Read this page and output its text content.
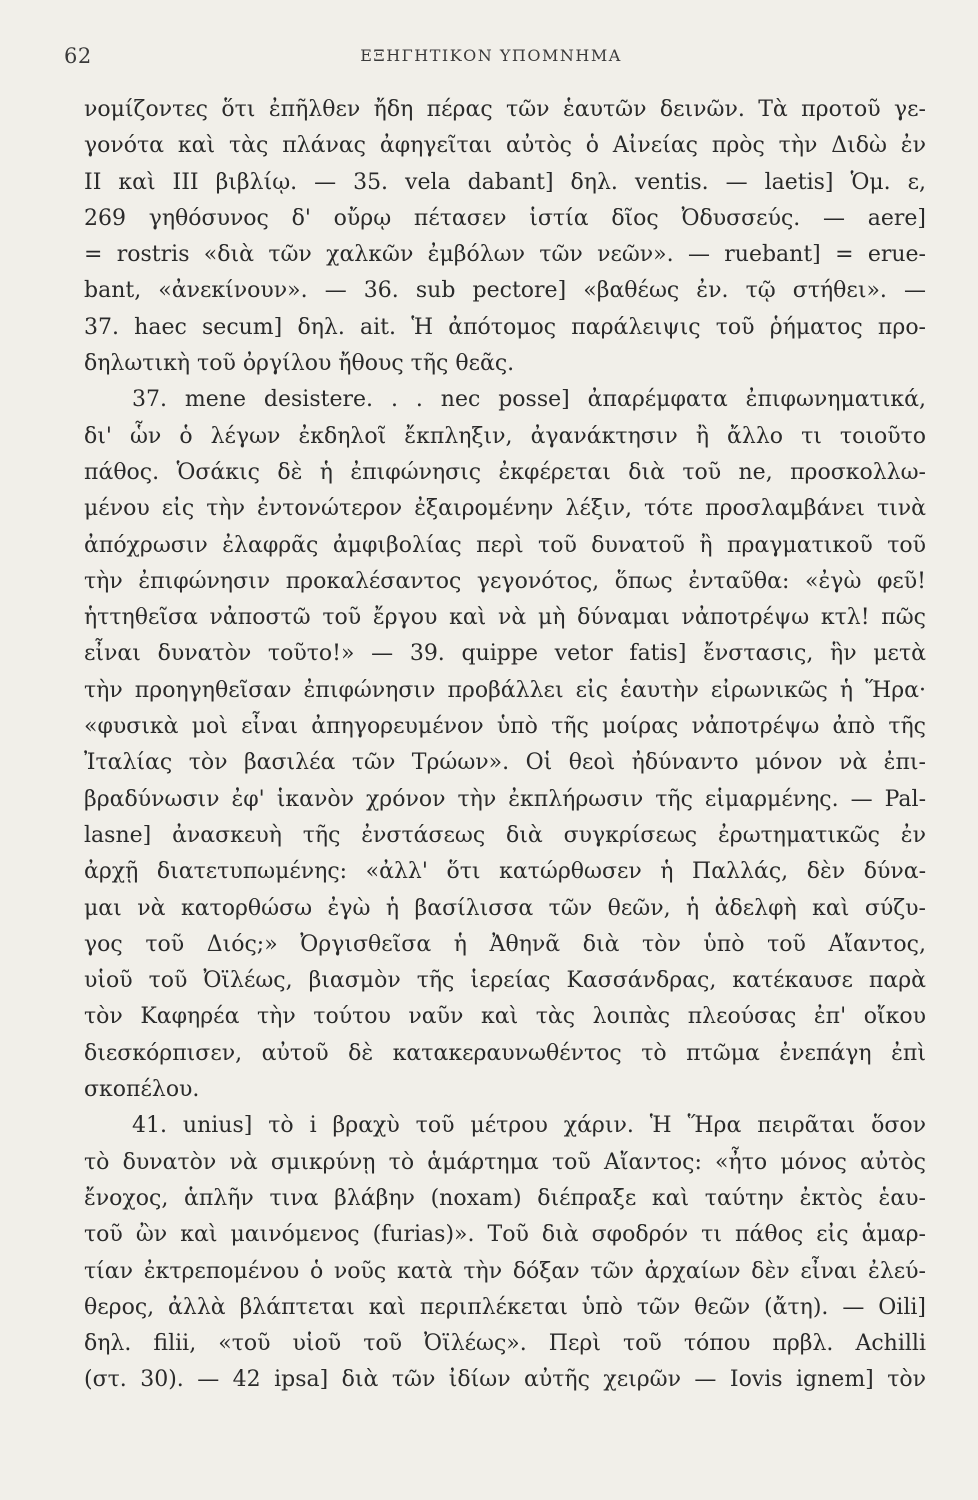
62	ΕΞΗΓΗΤΙΚΟΝ ΥΠΟΜΝΗΜΑ
νομίζοντες ὅτι ἐπῆλθεν ἤδη πέρας τῶν ἑαυτῶν δεινῶν. Τὰ προτοῦ γε-
γονότα καὶ τὰς πλάνας ἀφηγεῖται αὐτὸς ὁ Αἰνείας πρὸς τὴν Διδὼ ἐν
II καὶ III βιβλίῳ. — 35. vela dabant] δηλ. ventis. — laetis] Ὁμ. ε,
269 γηθόσυνος δ' οὔρῳ πέτασεν ἱστία δῖος Ὀδυσσεύς. — aere]
= rostris «διὰ τῶν χαλκῶν ἐμβόλων τῶν νεῶν». — ruebant] = erue-
bant, «ἀνεκίνουν». — 36. sub pectore] «βαθέως ἐν. τῷ στήθει». —
37. haec secum] δηλ. ait. Ἡ ἀπότομος παράλειψις τοῦ ῥήματος προ-
δηλωτικὴ τοῦ ὀργίλου ἤθους τῆς θεᾶς.
37. mene desistere. . . nec posse] ἀπαρέμφατα ἐπιφωνηματικά,
δι' ὧν ὁ λέγων ἐκδηλοῖ ἔκπληξιν, ἀγανάκτησιν ἢ ἄλλο τι τοιοῦτο
πάθος. Ὁσάκις δὲ ἡ ἐπιφώνησις ἐκφέρεται διὰ τοῦ ne, προσκολλω-
μένου εἰς τὴν ἐντονώτερον ἐξαιρομένην λέξιν, τότε προσλαμβάνει τινὰ
ἀπόχρωσιν ἐλαφρᾶς ἀμφιβολίας περὶ τοῦ δυνατοῦ ἢ πραγματικοῦ τοῦ
τὴν ἐπιφώνησιν προκαλέσαντος γεγονότος, ὅπως ἐνταῦθα: «ἐγὼ φεῦ!
ἡττηθεῖσα νἀποστῶ τοῦ ἔργου καὶ νὰ μὴ δύναμαι νἀποτρέψω κτλ! πῶς
εἶναι δυνατὸν τοῦτο!» — 39. quippe vetor fatis] ἔνστασις, ἣν μετὰ
τὴν προηγηθεῖσαν ἐπιφώνησιν προβάλλει εἰς ἑαυτὴν εἰρωνικῶς ἡ Ἥρα·
«φυσικὰ μοὶ εἶναι ἀπηγορευμένον ὑπὸ τῆς μοίρας νἀποτρέψω ἀπὸ τῆς
Ἰταλίας τὸν βασιλέα τῶν Τρώων». Οἱ θεοὶ ἠδύναντο μόνον νὰ ἐπι-
βραδύνωσιν ἐφ' ἱκανὸν χρόνον τὴν ἐκπλήρωσιν τῆς εἱμαρμένης. — Pal-
lasne] ἀνασκευὴ τῆς ἐνστάσεως διὰ συγκρίσεως ἐρωτηματικῶς ἐν
ἀρχῇ διατετυπωμένης: «ἀλλ' ὅτι κατώρθωσεν ἡ Παλλάς, δὲν δύνα-
μαι νὰ κατορθώσω ἐγὼ ἡ βασίλισσα τῶν θεῶν, ἡ ἀδελφὴ καὶ σύζυ-
γος τοῦ Διός;» Ὀργισθεῖσα ἡ Ἀθηνᾶ διὰ τὸν ὑπὸ τοῦ Αἴαντος,
υἱοῦ τοῦ Ὀϊλέως, βιασμὸν τῆς ἱερείας Κασσάνδρας, κατέκαυσε παρὰ
τὸν Καφηρέα τὴν τούτου ναῦν καὶ τὰς λοιπὰς πλεούσας ἐπ' οἴκου
διεσκόρπισεν, αὐτοῦ δὲ κατακεραυνωθέντος τὸ πτῶμα ἐνεπάγη ἐπὶ
σκοπέλου.
41. unius] τὸ i βραχὺ τοῦ μέτρου χάριν. Ἡ Ἥρα πειρᾶται ὅσον
τὸ δυνατὸν νὰ σμικρύνῃ τὸ ἁμάρτημα τοῦ Αἴαντος: «ἦτο μόνος αὐτὸς
ἔνοχος, ἁπλῆν τινα βλάβην (noxam) διέπραξε καὶ ταύτην ἐκτὸς ἑαυ-
τοῦ ὢν καὶ μαινόμενος (furias)». Τοῦ διὰ σφοδρόν τι πάθος εἰς ἁμαρ-
τίαν ἐκτρεπομένου ὁ νοῦς κατὰ τὴν δόξαν τῶν ἀρχαίων δὲν εἶναι ἐλεύ-
θερος, ἀλλὰ βλάπτεται καὶ περιπλέκεται ὑπὸ τῶν θεῶν (ἄτη). — Oili]
δηλ. filii, «τοῦ υἱοῦ τοῦ Ὀϊλέως». Περὶ τοῦ τόπου πρβλ. Achilli
(στ. 30). — 42 ipsa] διὰ τῶν ἰδίων αὐτῆς χειρῶν — Iovis ignem] τὸν
